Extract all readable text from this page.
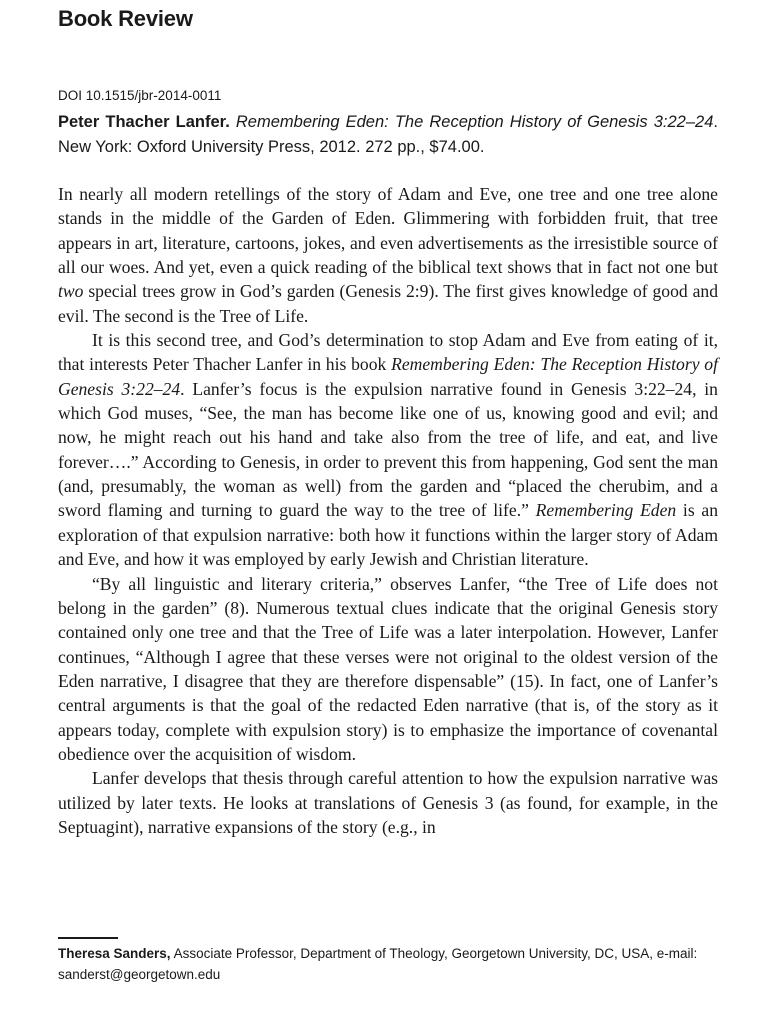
Book Review
DOI 10.1515/jbr-2014-0011
Peter Thacher Lanfer. Remembering Eden: The Reception History of Genesis 3:22–24. New York: Oxford University Press, 2012. 272 pp., $74.00.

In nearly all modern retellings of the story of Adam and Eve, one tree and one tree alone stands in the middle of the Garden of Eden. Glimmering with forbidden fruit, that tree appears in art, literature, cartoons, jokes, and even advertisements as the irresistible source of all our woes. And yet, even a quick reading of the biblical text shows that in fact not one but two special trees grow in God’s garden (Genesis 2:9). The first gives knowledge of good and evil. The second is the Tree of Life.

It is this second tree, and God’s determination to stop Adam and Eve from eating of it, that interests Peter Thacher Lanfer in his book Remembering Eden: The Reception History of Genesis 3:22–24. Lanfer’s focus is the expulsion narrative found in Genesis 3:22–24, in which God muses, “See, the man has become like one of us, knowing good and evil; and now, he might reach out his hand and take also from the tree of life, and eat, and live forever….” According to Genesis, in order to prevent this from happening, God sent the man (and, presumably, the woman as well) from the garden and “placed the cherubim, and a sword flaming and turning to guard the way to the tree of life.” Remembering Eden is an exploration of that expulsion narrative: both how it functions within the larger story of Adam and Eve, and how it was employed by early Jewish and Christian literature.

“By all linguistic and literary criteria,” observes Lanfer, “the Tree of Life does not belong in the garden” (8). Numerous textual clues indicate that the original Genesis story contained only one tree and that the Tree of Life was a later interpolation. However, Lanfer continues, “Although I agree that these verses were not original to the oldest version of the Eden narrative, I disagree that they are therefore dispensable” (15). In fact, one of Lanfer’s central arguments is that the goal of the redacted Eden narrative (that is, of the story as it appears today, complete with expulsion story) is to emphasize the importance of covenantal obedience over the acquisition of wisdom.

Lanfer develops that thesis through careful attention to how the expulsion narrative was utilized by later texts. He looks at translations of Genesis 3 (as found, for example, in the Septuagint), narrative expansions of the story (e.g., in

Theresa Sanders, Associate Professor, Department of Theology, Georgetown University, DC, USA, e-mail: sanderst@georgetown.edu
